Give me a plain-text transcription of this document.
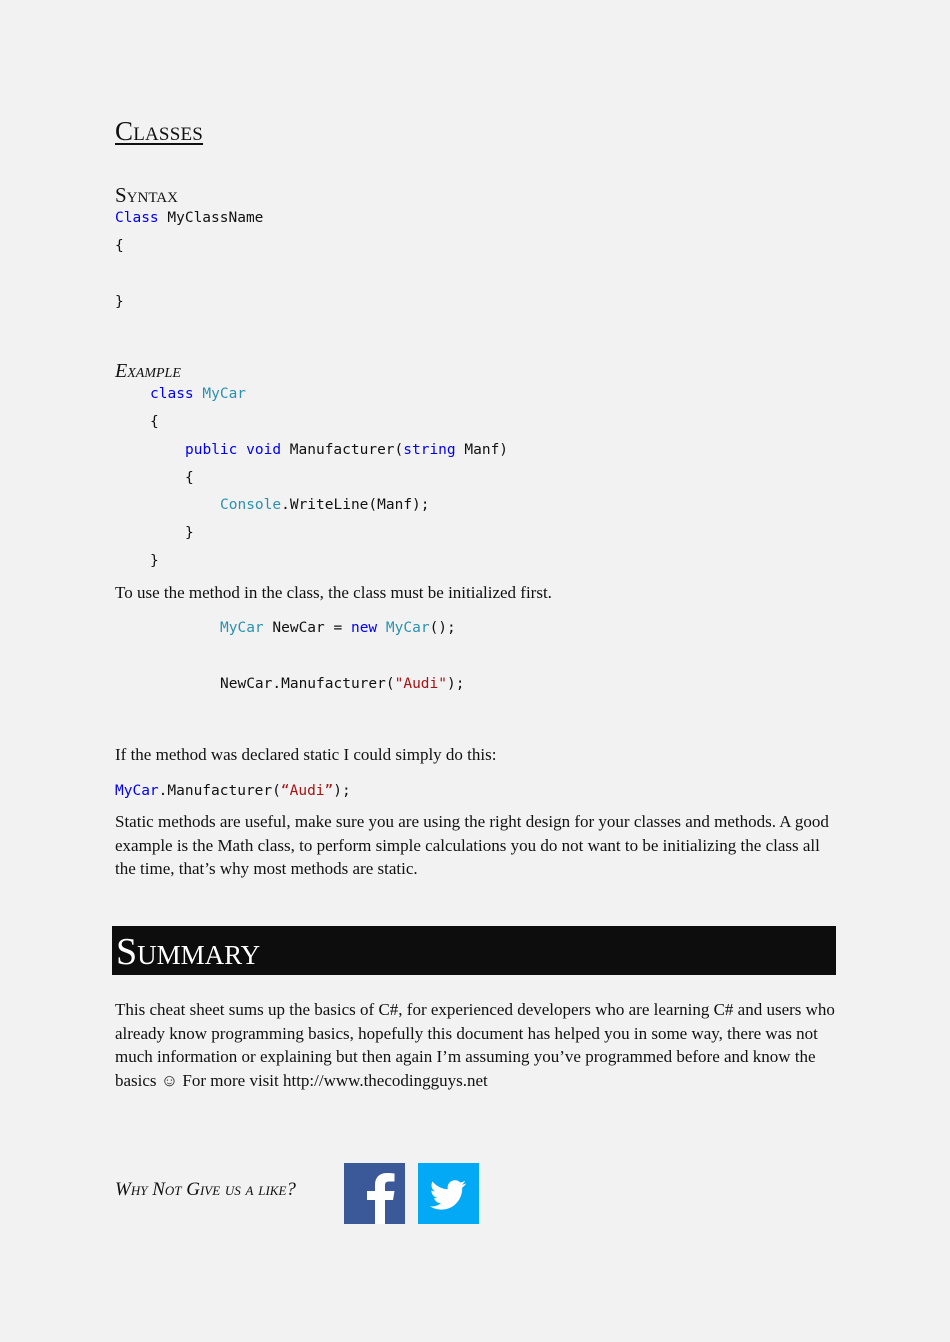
Classes
Syntax
Class MyClassName
{
}
Example
class MyCar
{
public void Manufacturer(string Manf)
{
Console.WriteLine(Manf);
}
}
To use the method in the class, the class must be initialized first.
MyCar NewCar = new MyCar();
NewCar.Manufacturer("Audi");
If the method was declared static I could simply do this:
MyCar.Manufacturer(“Audi”);
Static methods are useful, make sure you are using the right design for your classes and methods. A good example is the Math class, to perform simple calculations you do not want to be initializing the class all the time, that’s why most methods are static.
Summary
This cheat sheet sums up the basics of C#, for experienced developers who are learning C# and users who already know programming basics, hopefully this document has helped you in some way, there was not much information or explaining but then again I’m assuming you’ve programmed before and know the basics ☺ For more visit http://www.thecodingguys.net
Why Not Give us a like?
